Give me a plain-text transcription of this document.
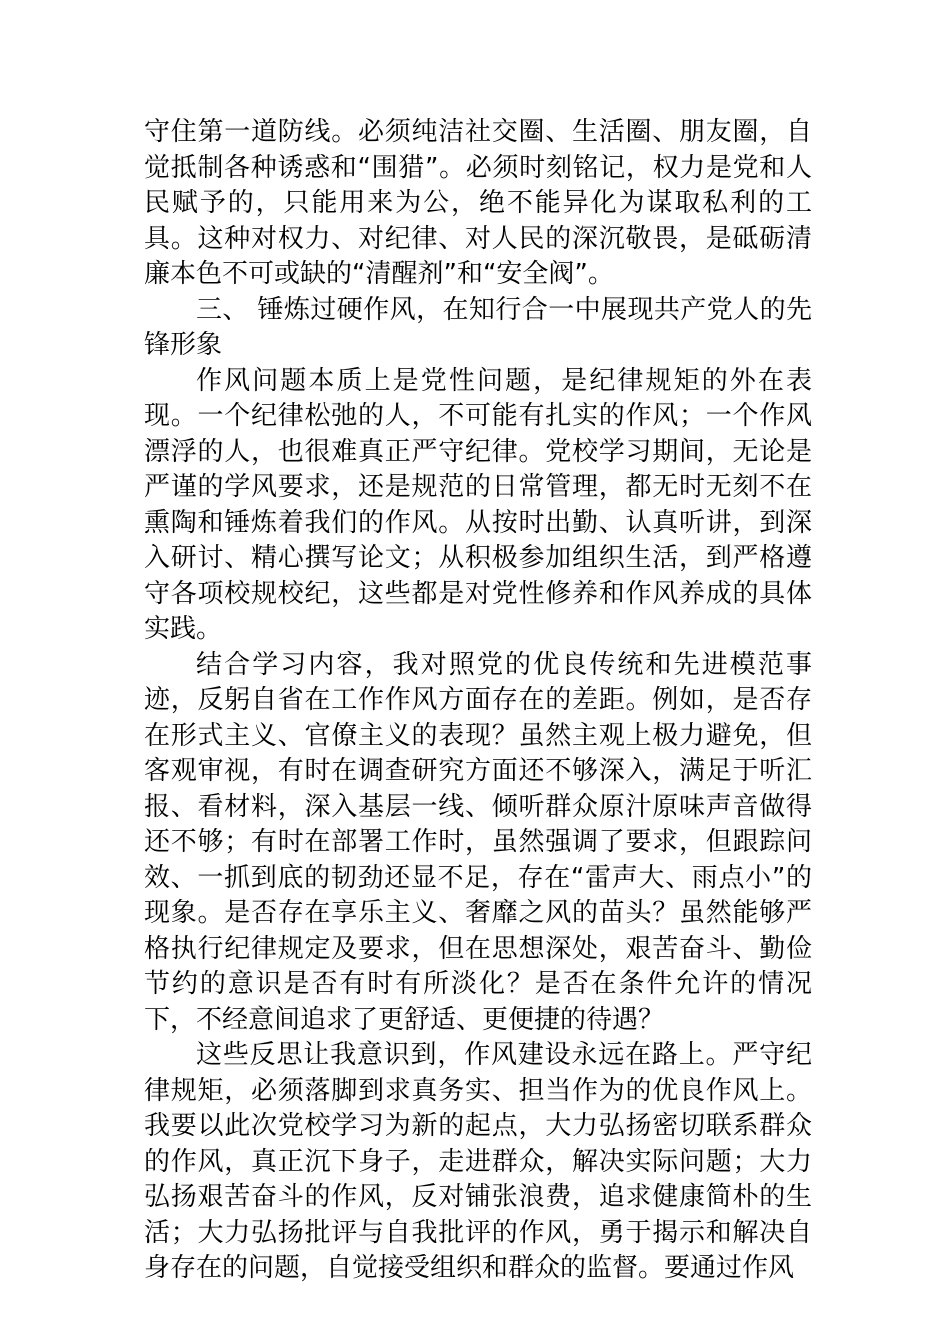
守住第一道防线。必须纯洁社交圈、生活圈、朋友圈，自觉抵制各种诱惑和“围猎”。必须时刻铭记，权力是党和人民赋予的，只能用来为公，绝不能异化为谋取私利的工具。这种对权力、对纪律、对人民的深沉敬畏，是砥砺清廉本色不可或缺的“清醒剂”和“安全阀”。

三、 锤炼过硬作风，在知行合一中展现共产党人的先锋形象

作风问题本质上是党性问题，是纪律规矩的外在表现。一个纪律松弛的人，不可能有扎实的作风；一个作风漂浮的人，也很难真正严守纪律。党校学习期间，无论是严谨的学风要求，还是规范的日常管理，都无时无刻不在熏陶和锤炼着我们的作风。从按时出勤、认真听讲，到深入研讨、精心撰写论文；从积极参加组织生活，到严格遵守各项校规校纪，这些都是对党性修养和作风养成的具体实践。

结合学习内容，我对照党的优良传统和先进模范事迹，反躬自省在工作作风方面存在的差距。例如，是否存在形式主义、官僚主义的表现？虽然主观上极力避免，但客观审视，有时在调查研究方面还不够深入，满足于听汇报、看材料，深入基层一线、倾听群众原汁原味声音做得还不够；有时在部署工作时，虽然强调了要求，但跟踪问效、一抓到底的韧劲还显不足，存在“雷声大、雨点小”的现象。是否存在享乐主义、奢靡之风的苗头？虽然能够严格执行纪律规定及要求，但在思想深处，艰苦奋斗、勤俭节约的意识是否有时有所淡化？是否在条件允许的情况下，不经意间追求了更舒适、更便捷的待遇？

这些反思让我意识到，作风建设永远在路上。严守纪律规矩，必须落脚到求真务实、担当作为的优良作风上。我要以此次党校学习为新的起点，大力弘扬密切联系群众的作风，真正沉下身子，走进群众，解决实际问题；大力弘扬艰苦奋斗的作风，反对铺张浪费，追求健康简朴的生活；大力弘扬批评与自我批评的作风，勇于揭示和解决自身存在的问题，自觉接受组织和群众的监督。要通过作风
